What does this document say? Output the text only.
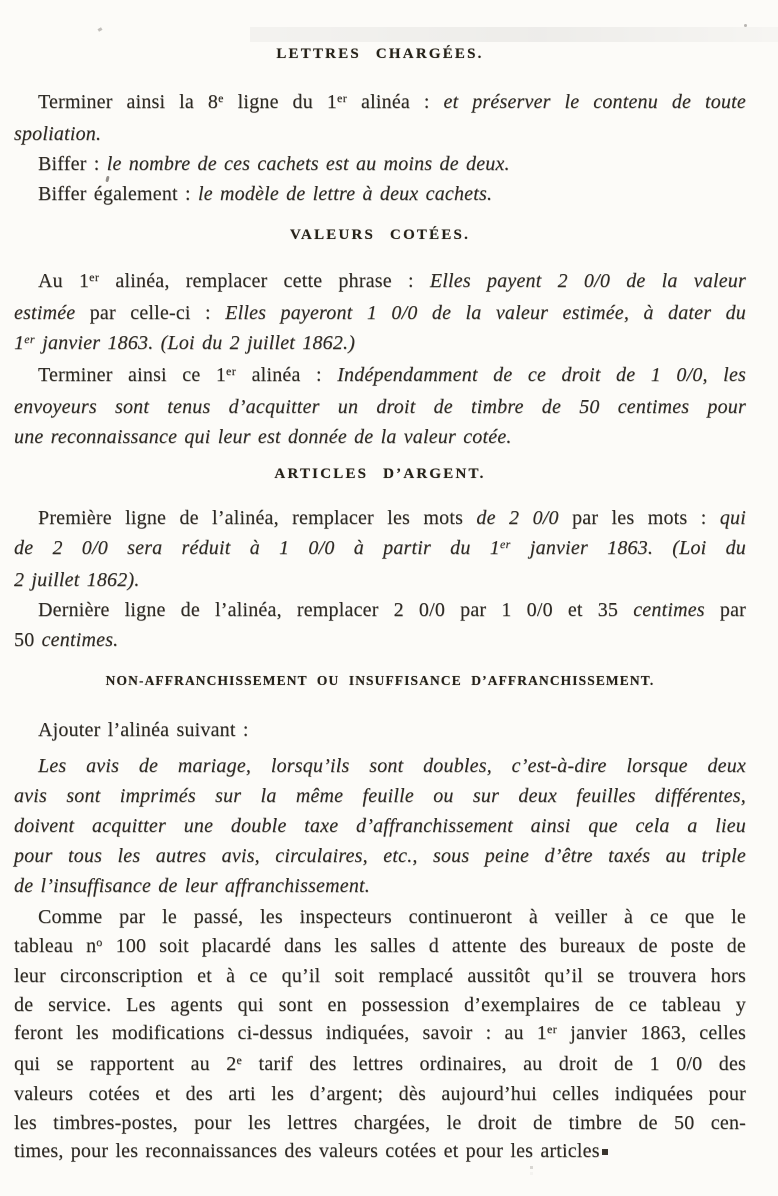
LETTRES CHARGÉES.
Terminer ainsi la 8e ligne du 1er alinéa : et préserver le contenu de toute
spoliation.
Biffer : le nombre de ces cachets est au moins de deux.
Biffer également : le modèle de lettre à deux cachets.
VALEURS COTÉES.
Au 1er alinéa, remplacer cette phrase : Elles payent 2 0/0 de la valeur
estimée par celle-ci : Elles payeront 1 0/0 de la valeur estimée, à dater du
1er janvier 1863. (Loi du 2 juillet 1862.)
Terminer ainsi ce 1er alinéa : Indépendamment de ce droit de 1 0/0, les
envoyeurs sont tenus d’acquitter un droit de timbre de 50 centimes pour
une reconnaissance qui leur est donnée de la valeur cotée.
ARTICLES D’ARGENT.
Première ligne de l’alinéa, remplacer les mots de 2 0/0 par les mots : qui
de 2 0/0 sera réduit à 1 0/0 à partir du 1er janvier 1863. (Loi du
2 juillet 1862).
Dernière ligne de l’alinéa, remplacer 2 0/0 par 1 0/0 et 35 centimes par
50 centimes.
NON-AFFRANCHISSEMENT OU INSUFFISANCE D’AFFRANCHISSEMENT.
Ajouter l’alinéa suivant :
Les avis de mariage, lorsqu’ils sont doubles, c’est-à-dire lorsque deux
avis sont imprimés sur la même feuille ou sur deux feuilles différentes,
doivent acquitter une double taxe d’affranchissement ainsi que cela a lieu
pour tous les autres avis, circulaires, etc., sous peine d’être taxés au triple
de l’insuffisance de leur affranchissement.
Comme par le passé, les inspecteurs continueront à veiller à ce que le
tableau $n^o$ 100 soit placardé dans les salles d attente des bureaux de poste de
leur circonscription et à ce qu’il soit remplacé aussitôt qu’il se trouvera hors
de service. Les agents qui sont en possession d’exemplaires de ce tableau y
feront les modifications ci-dessus indiquées, savoir : au 1er janvier 1863, celles
qui se rapportent au 2e tarif des lettres ordinaires, au droit de 1 0/0 des
valeurs cotées et des arti les d’argent; dès aujourd’hui celles indiquées pour
les timbres-postes, pour les lettres chargées, le droit de timbre de 50 cen-
times, pour les reconnaissances des valeurs cotées et pour les articles
